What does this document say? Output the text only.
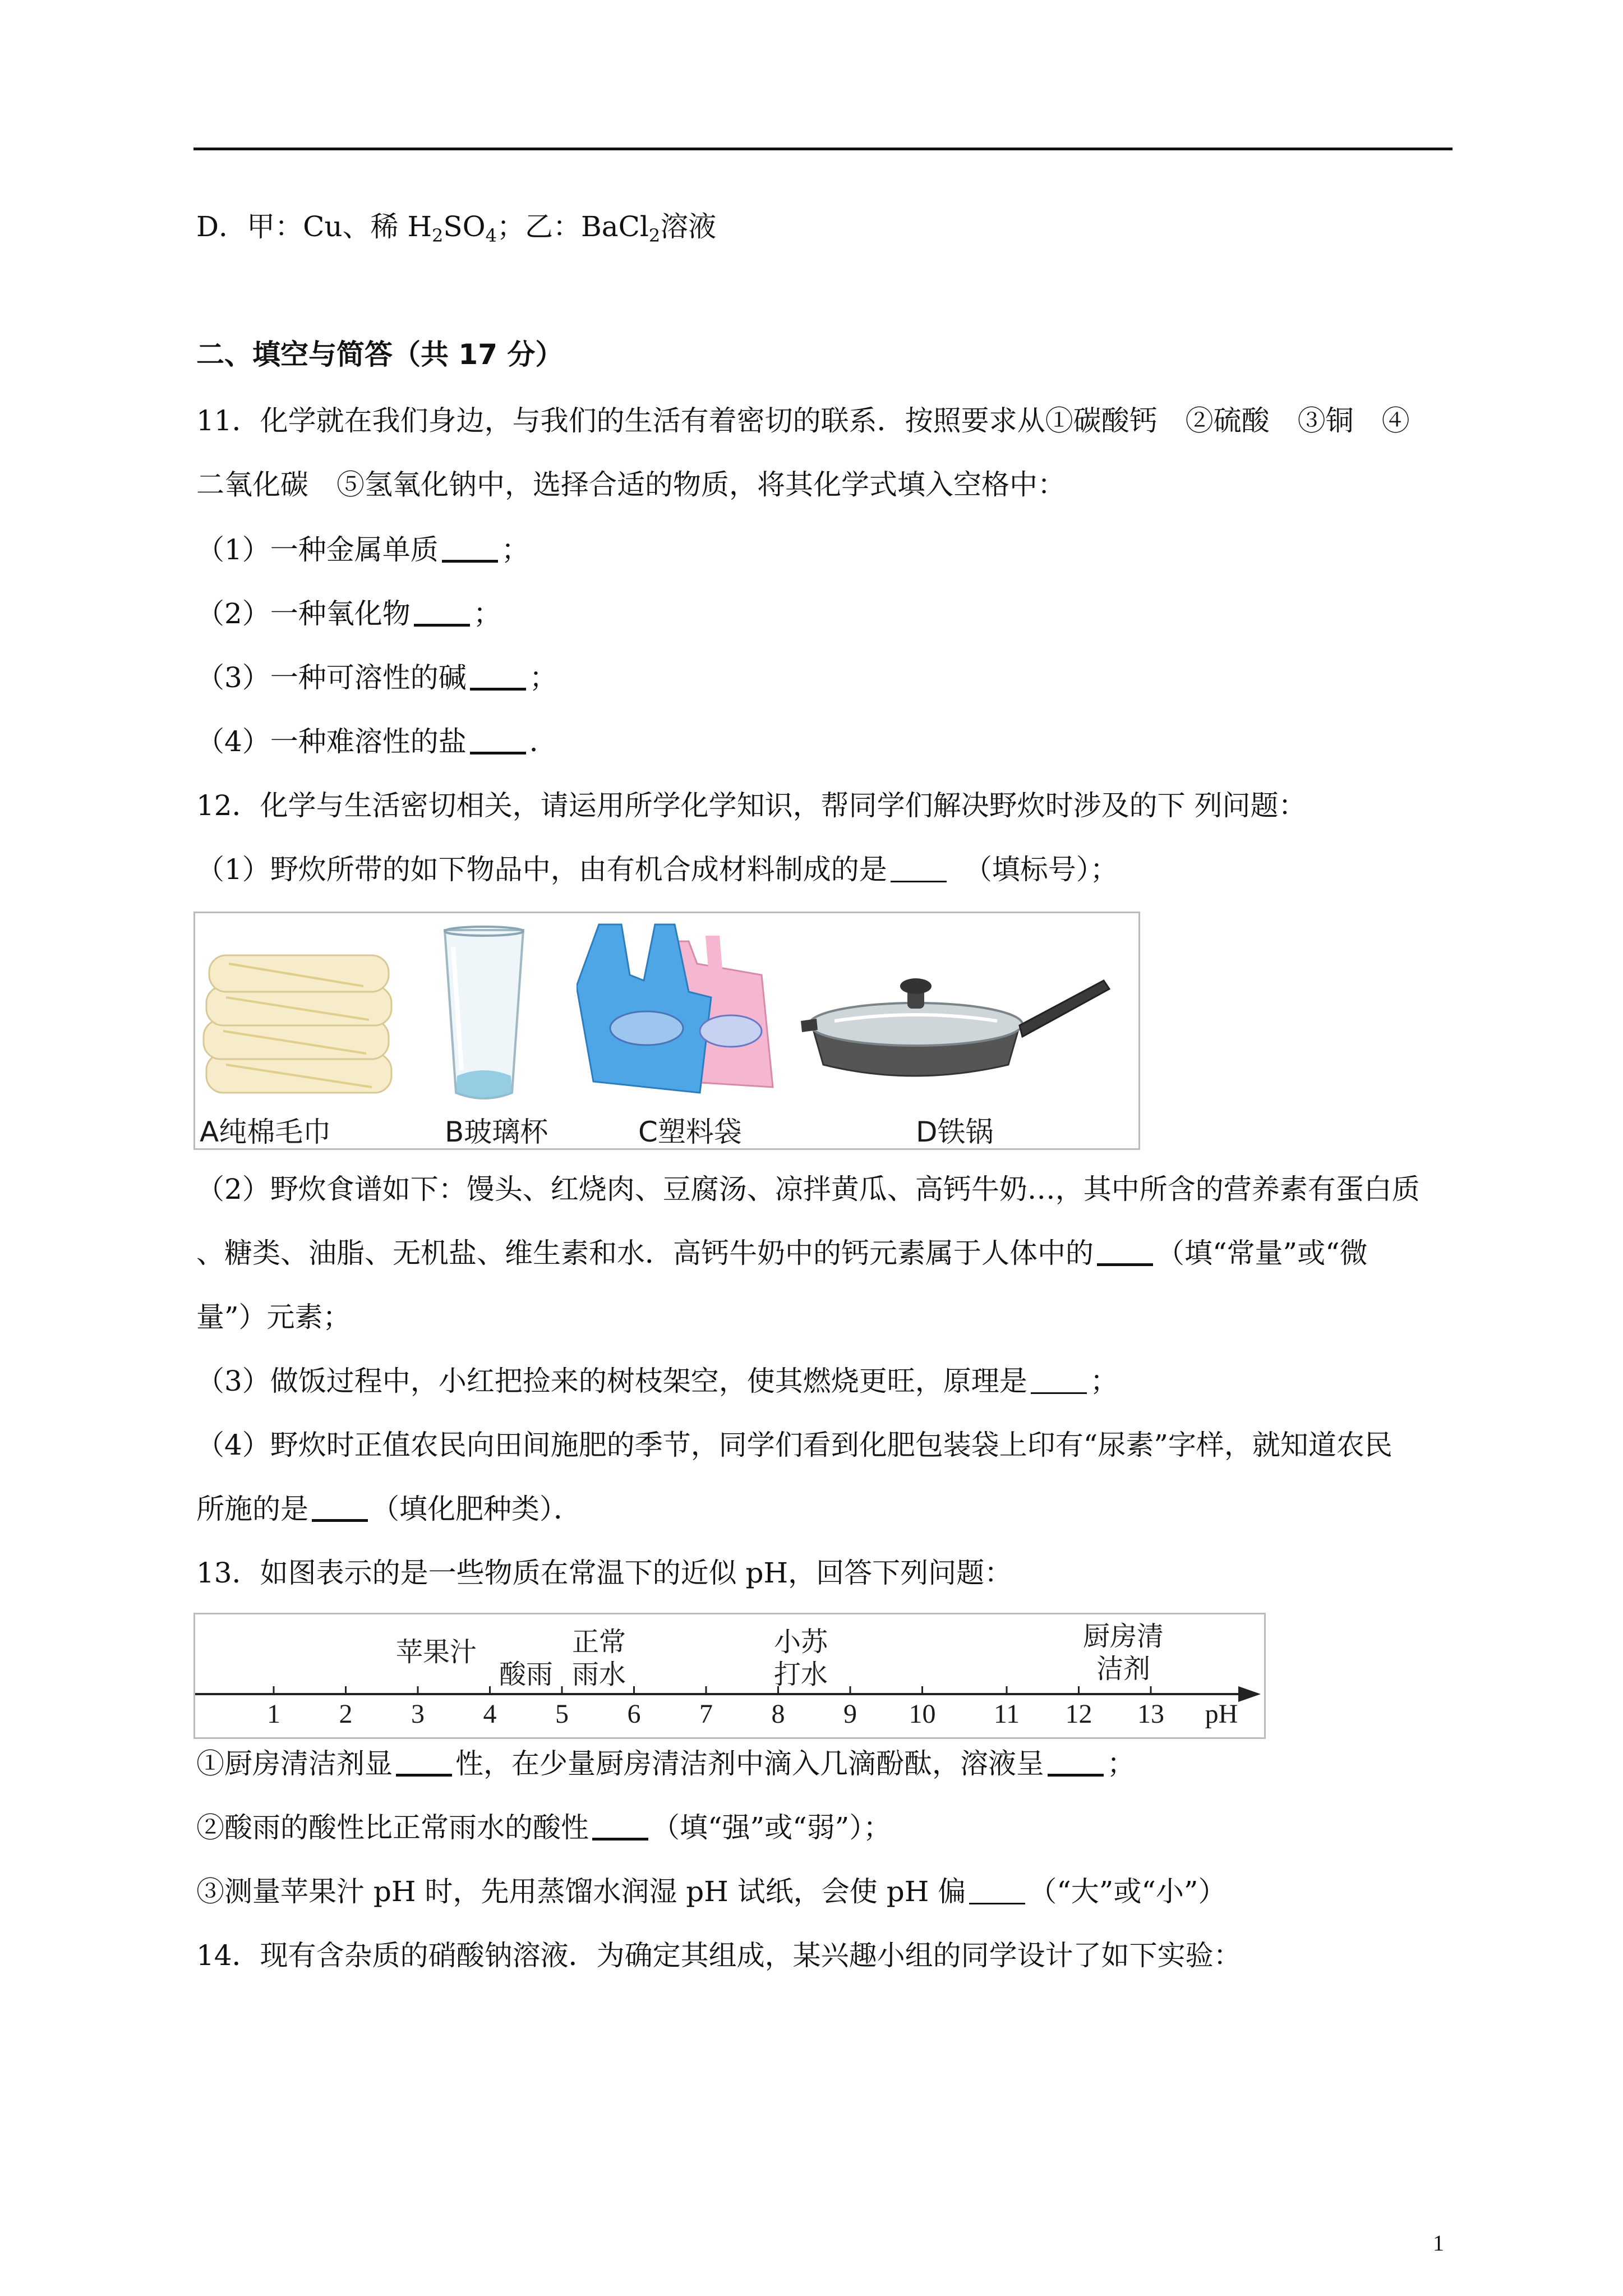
D．甲：Cu、稀 $H_2SO_4$；乙：BaCl$_2$溶液
二、填空与简答（共 17 分）
11．化学就在我们身边，与我们的生活有着密切的联系．按照要求从①碳酸钙　②硫酸　③铜　④
二氧化碳　⑤氢氧化钠中，选择合适的物质，将其化学式填入空格中：
（1）一种金属单质 ；
（2）一种氧化物 ；
（3）一种可溶性的碱 ；
（4）一种难溶性的盐 ．
12．化学与生活密切相关，请运用所学化学知识，帮同学们解决野炊时涉及的下 列问题：
（1）野炊所带的如下物品中，由有机合成材料制成的是　	（填标号）；
A纯棉毛巾	B玻璃杯	C塑料袋	D铁锅
（2）野炊食谱如下：馒头、红烧肉、豆腐汤、凉拌黄瓜、高钙牛奶…，其中所含的营养素有蛋白质
、糖类、油脂、无机盐、维生素和水．高钙牛奶中的钙元素属于人体中的 （填“常量”或“微
量”）元素；
（3）做饭过程中，小红把捡来的树枝架空，使其燃烧更旺，原理是 ；
（4）野炊时正值农民向田间施肥的季节，同学们看到化肥包装袋上印有“尿素”字样，就知道农民
所施的是 （填化肥种类）．
13．如图表示的是一些物质在常温下的近似 pH，回答下列问题：
1 2 3 4 5 6 7 8 9 10 11 12 13 pH
苹果汁
酸雨
正常
雨水
小苏
打水
厨房清
洁剂
①厨房清洁剂显 性，在少量厨房清洁剂中滴入几滴酚酞，溶液呈 ；
②酸雨的酸性比正常雨水的酸性 （填“强”或“弱”）；
③测量苹果汁 pH 时，先用蒸馏水润湿 pH 试纸，会使 pH 偏 （“大”或“小”）
14．现有含杂质的硝酸钠溶液．为确定其组成，某兴趣小组的同学设计了如下实验：
1
